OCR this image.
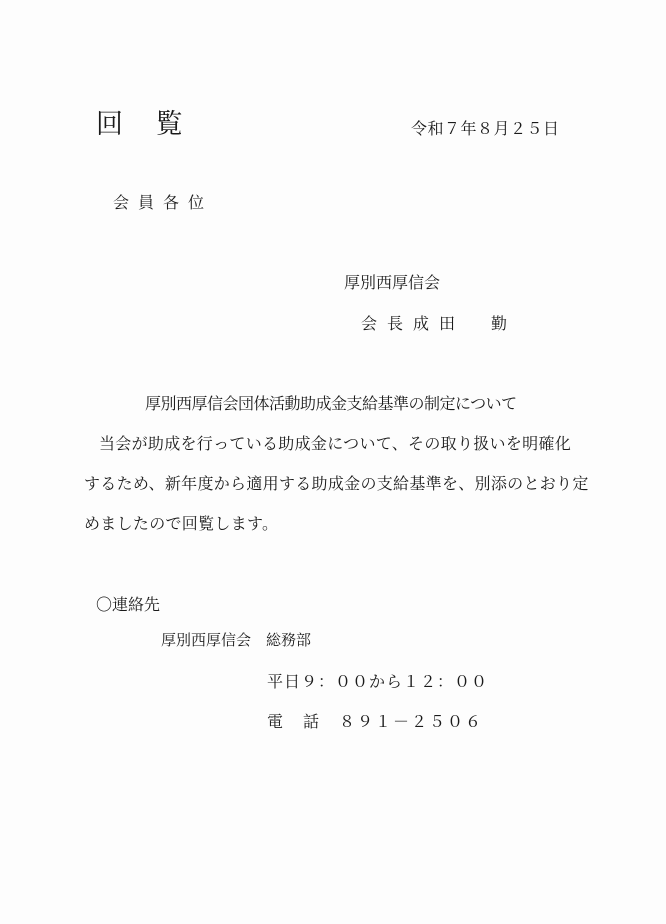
回 覧	令和７年８月２５日
会員各位
厚別西厚信会
会長成田　勤
厚別西厚信会団体活動助成金支給基準の制定について
当会が助成を行っている助成金について、その取り扱いを明確化
するため、新年度から適用する助成金の支給基準を、別添のとおり定
めましたので回覧します。
〇連絡先
厚別西厚信会　総務部
平日９：００から１２：００
電　話　８９１－２５０６
